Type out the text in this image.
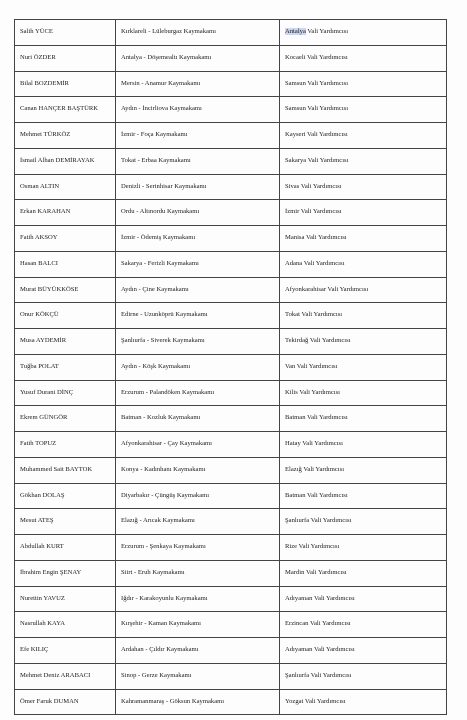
Salih YÜCE	Kırklareli - Lüleburgaz Kaymakamı	Antalya Vali Yardımcısı
Nuri ÖZDER	Antalya - Döşemealtı Kaymakamı	Kocaeli Vali Yardımcısı
Bilal BOZDEMİR	Mersin - Anamur Kaymakamı	Samsun Vali Yardımcısı
Canan HANÇER BAŞTÜRK	Aydın - İncirliova Kaymakamı	Samsun Vali Yardımcısı
Mehmet TÜRKÖZ	İzmir - Foça Kaymakamı	Kayseri Vali Yardımcısı
İsmail Alhan DEMİRAYAK	Tokat - Erbaa Kaymakamı	Sakarya Vali Yardımcısı
Osman ALTIN	Denizli - Serinhisar Kaymakamı	Sivas Vali Yardımcısı
Erkan KARAHAN	Ordu - Altınordu Kaymakamı	İzmir Vali Yardımcısı
Fatih AKSOY	İzmir - Ödemiş Kaymakamı	Manisa Vali Yardımcısı
Hasan BALCI	Sakarya - Ferizli Kaymakamı	Adana Vali Yardımcısı
Murat BÜYÜKKÖSE	Aydın - Çine Kaymakamı	Afyonkarahisar Vali Yardımcısı
Onur KÖKÇÜ	Edirne - Uzunköprü Kaymakamı	Tokat Vali Yardımcısı
Musa AYDEMİR	Şanlıurfa - Siverek Kaymakamı	Tekirdağ Vali Yardımcısı
Tuğba POLAT	Aydın - Köşk Kaymakamı	Van Vali Yardımcısı
Yusuf Durani DİNÇ	Erzurum - Palandöken Kaymakamı	Kilis Vali Yardımcısı
Ekrem GÜNGÖR	Batman - Kozluk Kaymakamı	Batman Vali Yardımcısı
Fatih TOPUZ	Afyonkarahisar - Çay Kaymakamı	Hatay Vali Yardımcısı
Muhammed Sait BAYTOK	Konya - Kadınhanı Kaymakamı	Elazığ Vali Yardımcısı
Gökhan DOLAŞ	Diyarbakır - Çüngüş Kaymakamı	Batman Vali Yardımcısı
Mesut ATEŞ	Elazığ - Arıcak Kaymakamı	Şanlıurfa Vali Yardımcısı
Abdullah KURT	Erzurum - Şenkaya Kaymakamı	Rize Vali Yardımcısı
İbrahim Engin ŞENAY	Siirt - Eruh Kaymakamı	Mardin Vali Yardımcısı
Nurettin YAVUZ	Iğdır - Karakoyunlu Kaymakamı	Adıyaman Vali Yardımcısı
Nasrullah KAYA	Kırşehir - Kaman Kaymakamı	Erzincan Vali Yardımcısı
Efe KILIÇ	Ardahan - Çıldır Kaymakamı	Adıyaman Vali Yardımcısı
Mehmet Deniz ARABACI	Sinop - Gerze Kaymakamı	Şanlıurfa Vali Yardımcısı
Ömer Faruk DUMAN	Kahramanmaraş - Göksun Kaymakamı	Yozgat Vali Yardımcısı
